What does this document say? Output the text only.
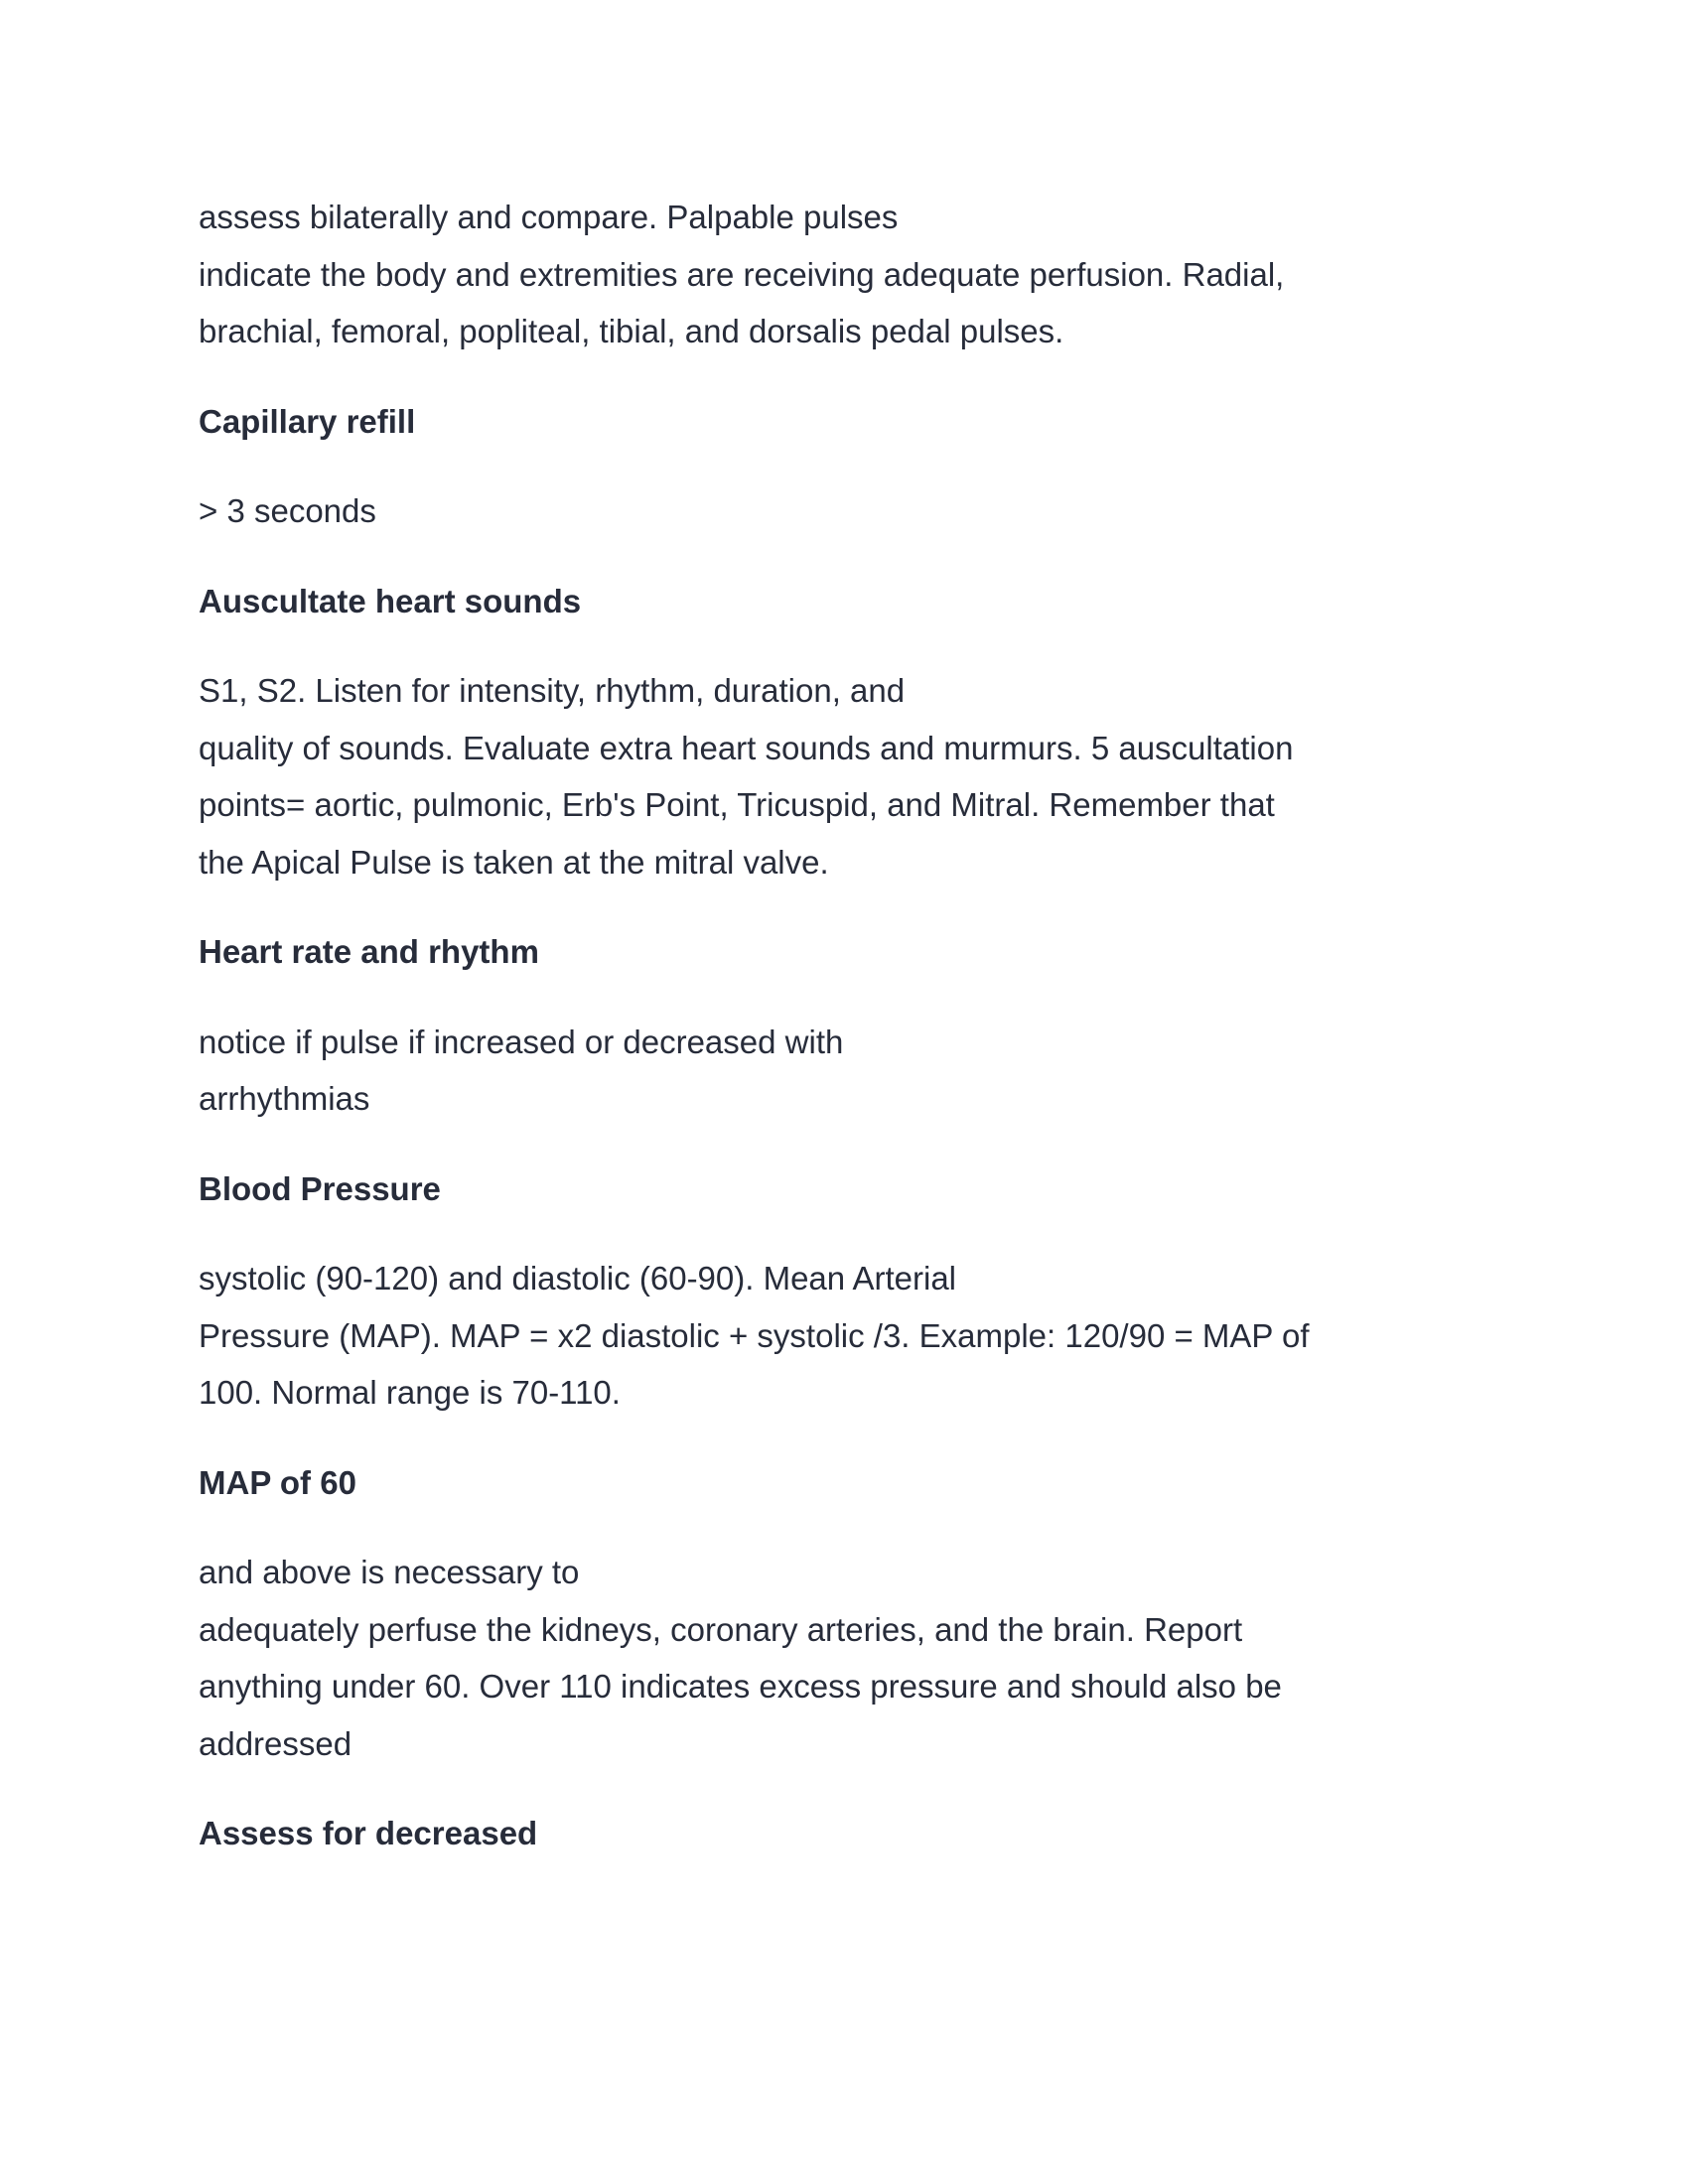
assess bilaterally and compare. Palpable pulses
indicate the body and extremities are receiving adequate perfusion. Radial,
brachial, femoral, popliteal, tibial, and dorsalis pedal pulses.
Capillary refill
> 3 seconds
Auscultate heart sounds
S1, S2. Listen for intensity, rhythm, duration, and
quality of sounds. Evaluate extra heart sounds and murmurs. 5 auscultation
points= aortic, pulmonic, Erb's Point, Tricuspid, and Mitral. Remember that
the Apical Pulse is taken at the mitral valve.
Heart rate and rhythm
notice if pulse if increased or decreased with
arrhythmias
Blood Pressure
systolic (90-120) and diastolic (60-90). Mean Arterial
Pressure (MAP). MAP = x2 diastolic + systolic /3. Example: 120/90 = MAP of
100. Normal range is 70-110.
MAP of 60
and above is necessary to
adequately perfuse the kidneys, coronary arteries, and the brain. Report
anything under 60. Over 110 indicates excess pressure and should also be
addressed
Assess for decreased
